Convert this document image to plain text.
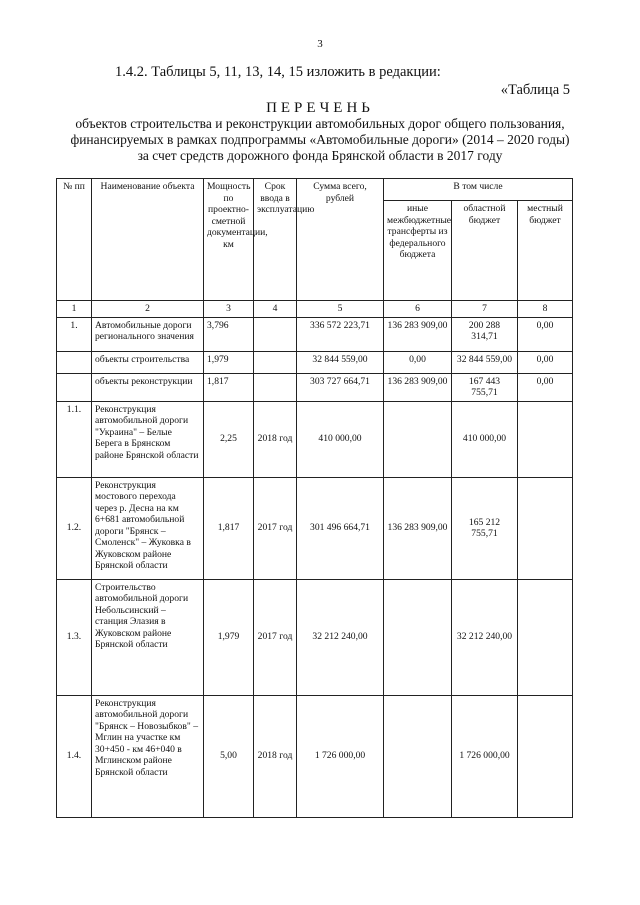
3
1.4.2. Таблицы 5, 11, 13, 14, 15 изложить в редакции:
«Таблица 5
ПЕРЕЧЕНЬ
объектов строительства и реконструкции автомобильных дорог общего пользования, финансируемых в рамках подпрограммы «Автомобильные дороги» (2014 – 2020 годы) за счет средств дорожного фонда Брянской области в 2017 году
№ пп	Наименование объекта	Мощность по проектно-сметной документации, км	Срок ввода в эксплуатацию	Сумма всего, рублей	В том числе		
					иные межбюджетные трансферты из федерального бюджета	областной бюджет	местный бюджет
1	2	3	4	5	6	7	8
1.	Автомобильные дороги регионального значения	3,796		336 572 223,71	136 283 909,00	200 288 314,71	0,00
	объекты строительства	1,979		32 844 559,00	0,00	32 844 559,00	0,00
	объекты реконструкции	1,817		303 727 664,71	136 283 909,00	167 443 755,71	0,00
1.1.	Реконструкция автомобильной дороги "Украина" – Белые Берега в Брянском районе Брянской области	2,25	2018 год	410 000,00		410 000,00	
1.2.	Реконструкция мостового перехода через р. Десна на км 6+681 автомобильной дороги "Брянск – Смоленск" – Жуковка в Жуковском районе Брянской области	1,817	2017 год	301 496 664,71	136 283 909,00	165 212 755,71	
1.3.	Строительство автомобильной дороги Небольсинский – станция Элазия в Жуковском районе Брянской области	1,979	2017 год	32 212 240,00		32 212 240,00	
1.4.	Реконструкция автомобильной дороги "Брянск – Новозыбков" – Мглин на участке км 30+450 - км 46+040 в Мглинском районе Брянской области	5,00	2018 год	1 726 000,00		1 726 000,00	
